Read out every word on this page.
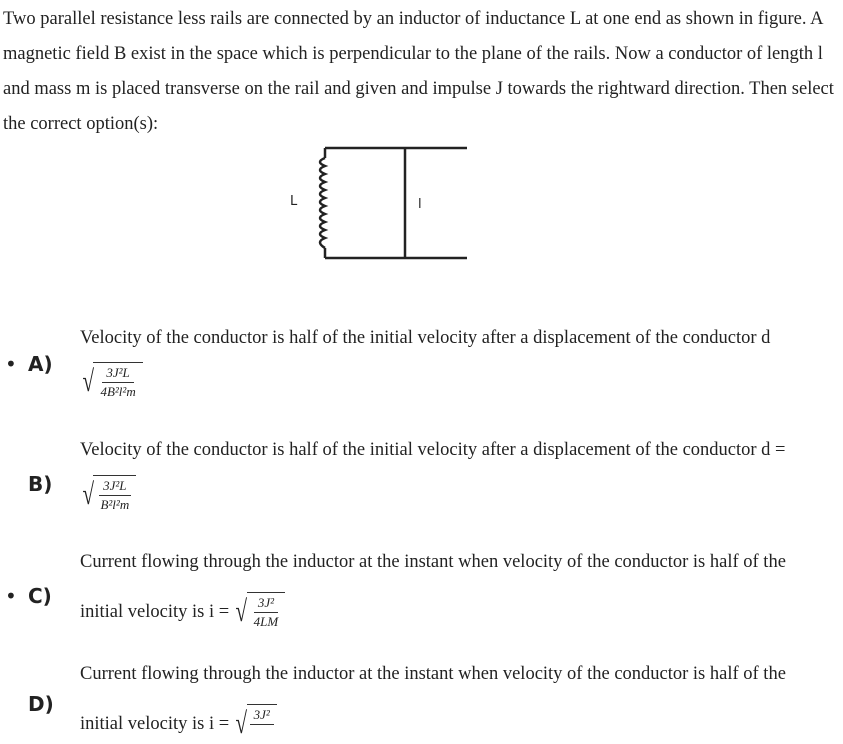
Two parallel resistance less rails are connected by an inductor of inductance L at one end as shown in figure. A magnetic field B exist in the space which is perpendicular to the plane of the rails. Now a conductor of length l and mass m is placed transverse on the rail and given and impulse J towards the rightward direction. Then select the correct option(s):
L	l
Velocity of the conductor is half of the initial velocity after a displacement of the conductor d
• A)
√ $\frac{\text{3J²L}}{\text{4B²l²m}}$
Velocity of the conductor is half of the initial velocity after a displacement of the conductor d =
B) √ $\frac{\text{3J²L}}{\text{B²l²m}}$
Current flowing through the inductor at the instant when velocity of the conductor is half of the
• C)
initial velocity is i = √ $\frac{\text{3J²}}{4LM}$
Current flowing through the inductor at the instant when velocity of the conductor is half of the
D)
initial velocity is i = √ 3J²
